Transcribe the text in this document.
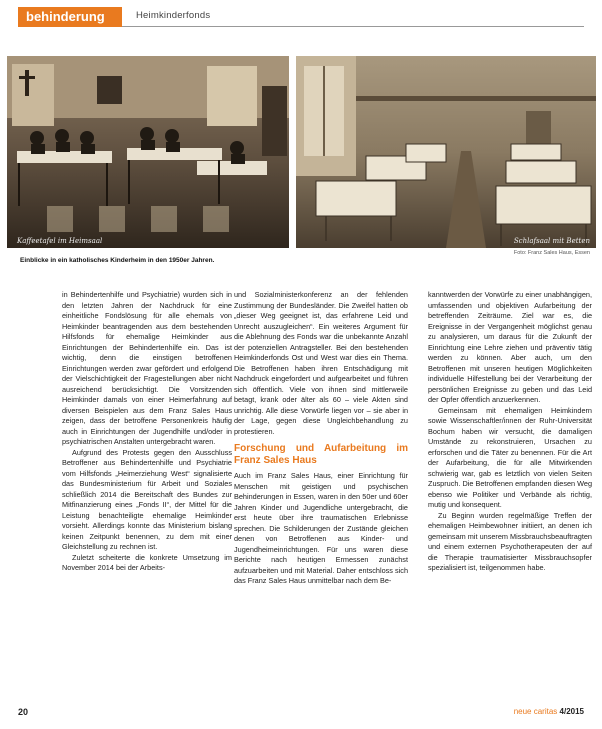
behinderung	Heimkinderfonds
Kaffeetafel im Heimsaal	Schlafsaal mit Betten
Foto: Franz Sales Haus, Essen
Einblicke in ein katholisches Kinderheim in den 1950er Jahren.

in Behindertenhilfe und Psychiatrie) wurden sich in den letzten Jahren der Nachdruck für eine einheitliche Fondslösung für alle ehemals von Heimkinder beantragenden aus dem bestehenden Hilfsfonds für ehemalige Heimkinder aus Einrichtungen der Behindertenhilfe ein. Das ist wichtig, denn die einstigen betroffenen Einrichtungen werden zwar gefördert und erfolgend der Vielschichtigkeit der Fragestellungen aber nicht ausreichend berücksichtigt. Die Vorsitzenden Heimkinder damals von einer Heimerfahrung auf diversen Beispielen aus dem Franz Sales Haus zeigen, dass der betroffene Personenkreis häufig auch in Einrichtungen der Jugendhilfe und/oder in psychiatrischen Anstalten untergebracht waren.

Aufgrund des Protests gegen den Ausschluss Betroffener aus Behindertenhilfe und Psychiatrie vom Hilfsfonds „Heimerziehung West“ signalisierte das Bundesministerium für Arbeit und Soziales schließlich 2014 die Bereitschaft des Bundes zur Mitfinanzierung eines „Fonds II“, der Mittel für die Leistung benachteiligte ehemalige Heimkinder vorsieht. Allerdings konnte das Ministerium bislang keinen Zeitpunkt benennen, zu dem mit einer Gleichstellung zu rechnen ist.

Zuletzt scheiterte die konkrete Umsetzung im November 2014 bei der Arbeits-

und Sozialministerkonferenz an der fehlenden Zustimmung der Bundesländer. Die Zweifel hatten ob „dieser Weg geeignet ist, das erfahrene Leid und Unrecht auszugleichen“. Ein weiteres Argument für die Ablehnung des Fonds war die unbekannte Anzahl der potenziellen Antragsteller. Bei den bestehenden Heimkinderfonds Ost und West war dies ein Thema. Die Betroffenen haben ihren Entschädigung mit Nachdruck eingefordert und aufgearbeitet und führen sich öffentlich. Viele von ihnen sind mittlerweile betagt, krank oder älter als 60 – viele Akten sind unrichtig. Alle diese Vorwürfe liegen vor – sie aber in der Lage, gegen diese Ungleichbehandlung zu protestieren.

Forschung und Aufarbeitung im Franz Sales Haus

Auch im Franz Sales Haus, einer Einrichtung für Menschen mit geistigen und psychischen Behinderungen in Essen, waren in den 50er und 60er Jahren Kinder und Jugendliche untergebracht, die erst heute über ihre traumatischen Erlebnisse sprechen. Die Schilderungen der Zustände gleichen denen von Betroffenen aus Kinder- und Jugendheimeinrichtungen. Für uns waren diese Berichte nach heutigen Ermessen zunächst aufzuarbeiten und mit Material. Daher entschloss sich das Franz Sales Haus unmittelbar nach dem Be-

kanntwerden der Vorwürfe zu einer unabhängigen, umfassenden und objektiven Aufarbeitung der betreffenden Zeiträume. Ziel war es, die Ereignisse in der Vergangenheit möglichst genau zu analysieren, um daraus für die Zukunft der Einrichtung eine Lehre ziehen und präventiv tätig werden zu können. Aber auch, um den Betroffenen mit unseren heutigen Möglichkeiten individuelle Hilfestellung bei der Verarbeitung der persönlichen Ereignisse zu geben und das Leid der Opfer öffentlich anzuerkennen.

Gemeinsam mit ehemaligen Heimkindern sowie Wissenschaftler/innen der Ruhr-Universität Bochum haben wir versucht, die damaligen Umstände zu rekonstruieren, Ursachen zu erforschen und die Täter zu benennen. Für die Art der Aufarbeitung, die für alle Mitwirkenden schwierig war, gab es letztlich von vielen Seiten Zuspruch. Die Betroffenen empfanden diesen Weg ebenso wie Politiker und Verbände als richtig, mutig und konsequent.

Zu Beginn wurden regelmäßige Treffen der ehemaligen Heimbewohner initiiert, an denen ich gemeinsam mit unserem Missbrauchsbeauftragten und einem externen Psychotherapeuten der auf die Therapie traumatisierter Missbrauchsopfer spezialisiert ist, teilgenommen habe.

20	neue caritas 4/2015
